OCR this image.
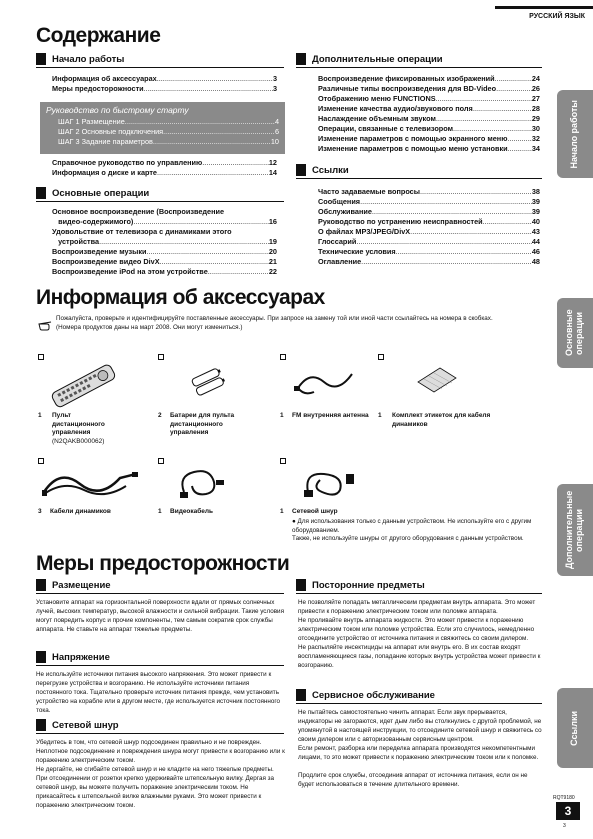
РУССКИЙ ЯЗЫК
Начало работы
Основные операции
Дополнительные операции
Ссылки
Содержание
Начало работы
Информация об аксессуарах .....	3
Меры предосторожности .....	3
Руководство по быстрому старту
ШАГ 1 Размещение .....	4
ШАГ 2 Основные подключения .....	6
ШАГ 3 Задание параметров .....	10
Справочное руководство по управлению .....	12
Информация о диске и карте .....	14
Основные операции
Основное воспроизведение (Воспроизведение
видео-содержимого) .....	16
Удовольствие от телевизора с динамиками этого
устройства .....	19
Воспроизведение музыки .....	20
Воспроизведение видео DivX .....	21
Воспроизведение iPod на этом устройстве .....	22
Дополнительные операции
Воспроизведение фиксированных изображений .....	24
Различные типы воспроизведения для BD-Video .....	26
Отображению меню FUNCTIONS .....	27
Изменение качества аудио/звукового поля .....	28
Наслаждение объемным звуком .....	29
Операции, связанные с телевизором .....	30
Изменение параметров с помощью экранного меню .....	32
Изменение параметров с помощью меню установки .....	34
Ссылки
Часто задаваемые вопросы .....	38
Сообщения .....	39
Обслуживание .....	39
Руководство по устранению неисправностей .....	40
О файлах MP3/JPEG/DivX .....	43
Глоссарий .....	44
Технические условия .....	46
Оглавление .....	48
Информация об аксессуарах
Пожалуйста, проверьте и идентифицируйте поставленные аксессуары. При запросе на замену той или иной части ссылайтесь на номера в скобках.
(Номера продуктов даны на март 2008. Они могут измениться.)
1 Пульт
дистанционного
управления
(N2QAKB000062)
2 Батареи для пульта
дистанционного
управления
1 FM внутренняя антенна	1 Комплект этикеток для кабеля
динамиков
3 Кабели динамиков	1 Видеокабель	1 Сетевой шнур
● Для использования только с данным устройством. Не используйте его с другим оборудованием.
Также, не используйте шнуры от другого оборудования с данным устройством.
Меры предосторожности
Размещение
Установите аппарат на горизонтальной поверхности вдали от прямых солнечных лучей, высоких температур, высокой влажности и сильной вибрации. Такие условия могут повредить корпус и прочие компоненты, тем самым сократив срок службы аппарата. Не ставьте на аппарат тяжелые предметы.
Напряжение
Не используйте источники питания высокого напряжения. Это может привести к перегрузке устройства и возгоранию. Не используйте источники питания постоянного тока. Тщательно проверьте источник питания прежде, чем установить устройство на корабле или в другом месте, где используется источник постоянного тока.
Сетевой шнур
Убедитесь в том, что сетевой шнур подсоединен правильно и не поврежден. Неплотное подсоединение и повреждения шнура могут привести к возгоранию или к поражению электрическим током.
Не дергайте, не сгибайте сетевой шнур и не кладите на него тяжелые предметы.
При отсоединении от розетки крепко удерживайте штепсельную вилку. Дергая за сетевой шнур, вы можете получить поражение электрическим током. Не прикасайтесь к штепсельной вилке влажными руками. Это может привести к поражению электрическим током.
Посторонние предметы
Не позволяйте попадать металлическим предметам внутрь аппарата. Это может привести к поражению электрическим током или поломке аппарата.
Не проливайте внутрь аппарата жидкости. Это может привести к поражению электрическим током или поломке устройства. Если это случилось, немедленно отсоедините устройство от источника питания и свяжитесь со своим дилером.
Не распыляйте инсектициды на аппарат или внутрь его. В их состав входят воспламеняющиеся газы, попадание которых внутрь устройства может привести к возгоранию.
Сервисное обслуживание
Не пытайтесь самостоятельно чинить аппарат. Если звук прерывается, индикаторы не загораются, идет дым либо вы столкнулись с другой проблемой, не упомянутой в настоящей инструкции, то отсоедините сетевой шнур и свяжитесь со своим дилером или с авторизованным сервисным центром.
Если ремонт, разборка или переделка аппарата производятся некомпетентными лицами, то это может привести к поражению электрическим током или к поломке.

Продлите срок службы, отсоединив аппарат от источника питания, если он не будет использоваться в течение длительного времени.
RQT9180
3
3
